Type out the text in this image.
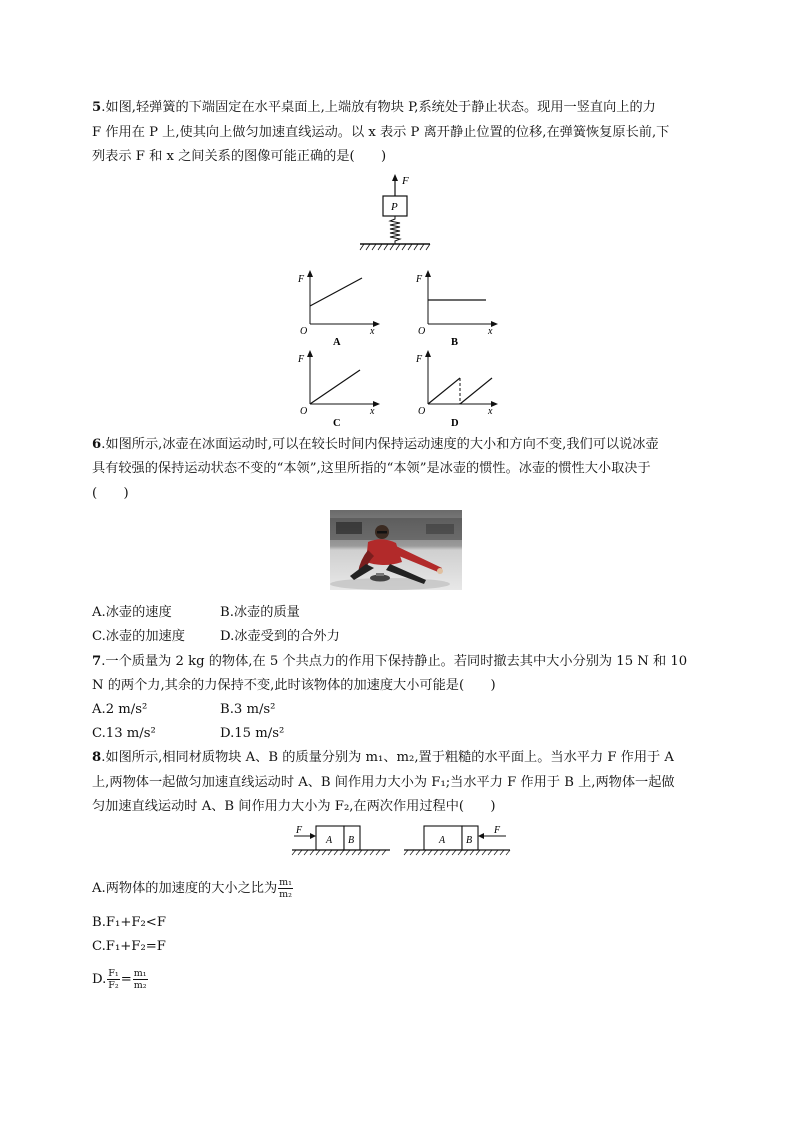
5.如图,轻弹簧的下端固定在水平桌面上,上端放有物块 P,系统处于静止状态。现用一竖直向上的力
F 作用在 P 上,使其向上做匀加速直线运动。以 x 表示 P 离开静止位置的位移,在弹簧恢复原长前,下
列表示 F 和 x 之间关系的图像可能正确的是(　　)
F
P
F
O	x
A
F
O	x
B
F
O	x
C
F
O	x
D
6.如图所示,冰壶在冰面运动时,可以在较长时间内保持运动速度的大小和方向不变,我们可以说冰壶
具有较强的保持运动状态不变的“本领”,这里所指的“本领”是冰壶的惯性。冰壶的惯性大小取决于
(　　)
A.冰壶的速度	B.冰壶的质量
C.冰壶的加速度	D.冰壶受到的合外力
7.一个质量为 2 kg 的物体,在 5 个共点力的作用下保持静止。若同时撤去其中大小分别为 15 N 和 10
N 的两个力,其余的力保持不变,此时该物体的加速度大小可能是(　　)
A.2 m/s²	B.3 m/s²
C.13 m/s²	D.15 m/s²
8.如图所示,相同材质物块 A、B 的质量分别为 m₁、m₂,置于粗糙的水平面上。当水平力 F 作用于 A
上,两物体一起做匀加速直线运动时 A、B 间作用力大小为 F₁;当水平力 F 作用于 B 上,两物体一起做
匀加速直线运动时 A、B 间作用力大小为 F₂,在两次作用过程中(　　)
F
A B	A B
F
A.两物体的加速度的大小之比为 $\frac{\text{m₁}}{\text{m₂}}$
B.F₁+F₂<F
C.F₁+F₂=F
D. $\frac{\text{F₁}}{\text{F₂}} = \frac{\text{m₁}}{\text{m₂}}$
